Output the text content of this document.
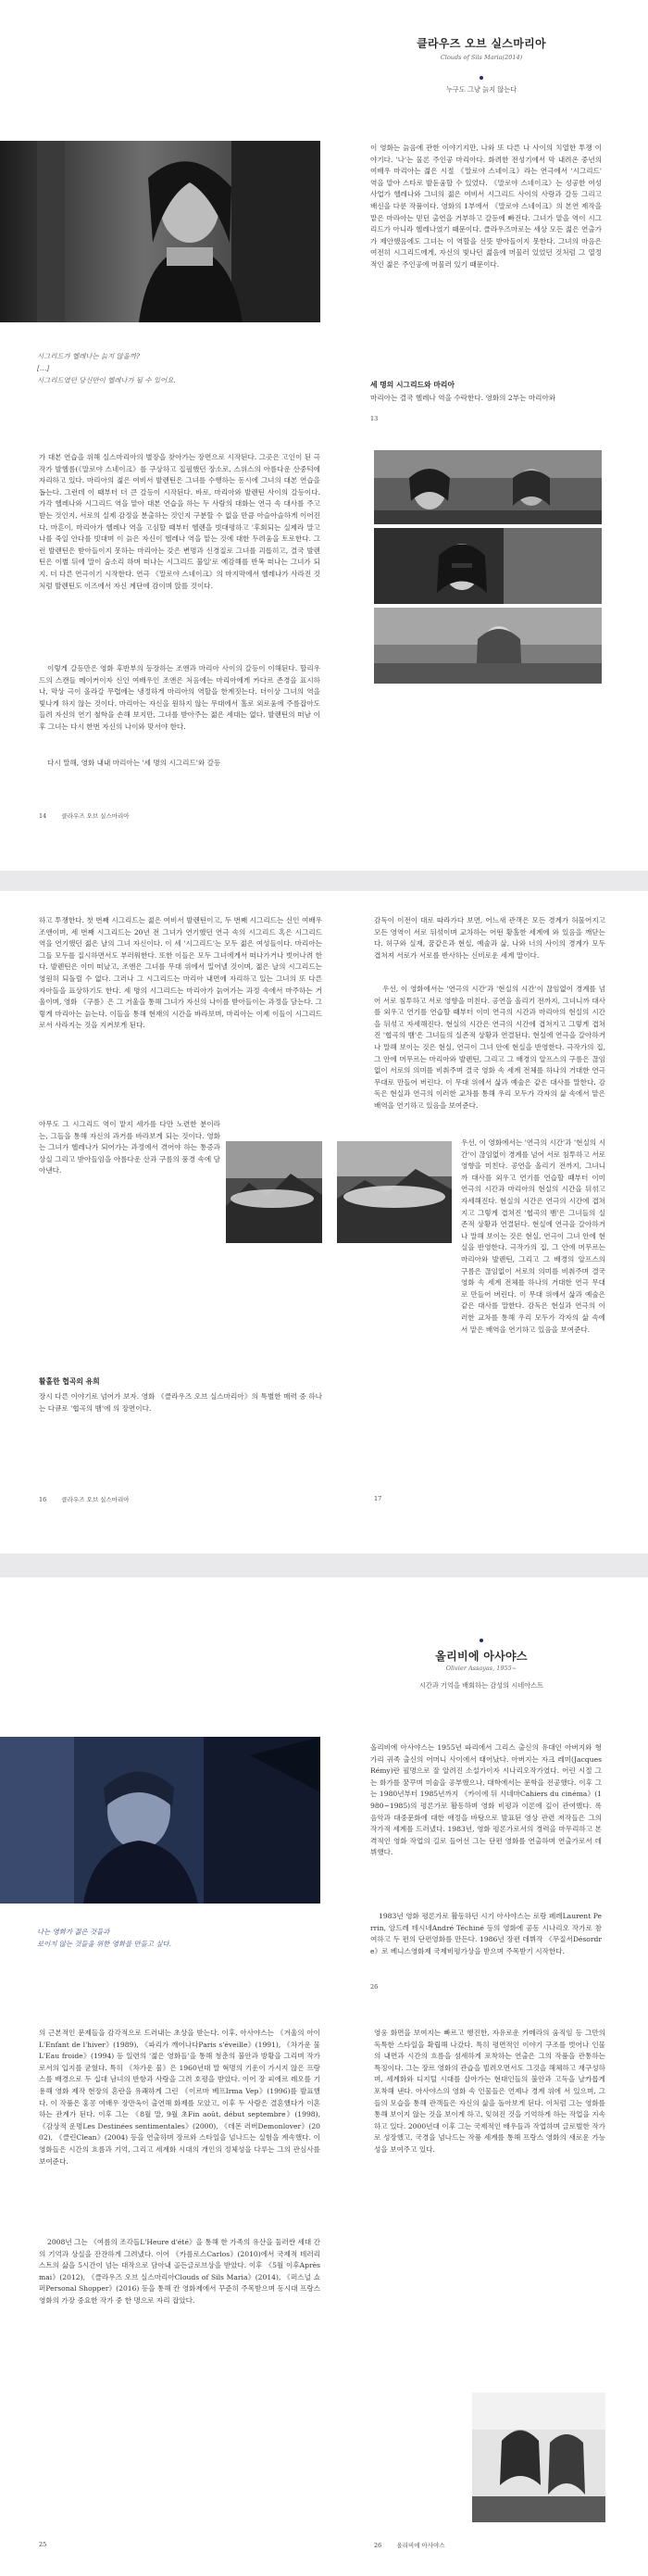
클라우즈 오브 실스마리아
Clouds of Sils Maria(2014)
누구도 그냥 늙지 않는다
시그리드가 헬레나는 늙지 않을까?
[…]
시그리드였던 당신만이 헬레나가 될 수 있어요.
이 영화는 늙음에 관한 이야기지만, 나와 또 다른 나 사이의 치열한 투쟁 이야기다. '나'는 물론 주인공 마리아다. 화려한 전성기에서 막 내려온 중년의 여배우 마리아는 젊은 시절 《말로야 스네이크》라는 연극에서 '시그리드' 역을 맡아 스타로 발돋움할 수 있었다. 《말로야 스네이크》는 성공한 여성 사업가 헬레나와 그녀의 젊은 여비서 시그리드 사이의 사랑과 갈등 그리고 배신을 다룬 작품이다. 영화의 1부에서 《말로야 스네이크》의 본연 제작을 맡은 마라아는 믿던 출연을 거부하고 갈등에 빠진다. 그녀가 맡을 역이 시그리드가 아니라 헬레나였기 때문이다. 클라우즈마로는 세상 모든 젊은 연출가가 제안했음에도 그녀는 이 역할을 선뜻 받아들이지 못한다. 그녀의 마음은 여전히 시그리드에게, 자신의 빛나던 젊음에 머물러 있었던 것처럼 그 열정적인 젊은 주인공에 머물러 있기 때문이다.
세 명의 시그리드와 마리아
마리아는 결국 헬레나 역을 수락한다. 영화의 2부는 마리아와
13
가 대본 연습을 위해 실스마리아의 별장을 찾아가는 장면으로 시작된다. 그곳은 고인이 된 극작가 발헬름(《말로야 스네이크》를 구상하고 집필했던 장소로, 스위스의 아름다운 산중턱에 자리하고 있다. 마리아의 젊은 여비서 발렌틴은 그녀를 수행하는 동시에 그녀의 대본 연습을 돕는다. 그런데 이 때부터 더 큰 갈등이 시작된다. 바로, 마리아와 발렌틴 사이의 갈등이다. 가각 헬레나와 시그리드 역을 맡아 대본 연습을 하는 두 사람의 대화는 연극 속 대사를 주고받는 것인지, 서로의 실제 감정을 분출하는 것인지 구분할 수 없을 만큼 아슬아슬하게 이어진다. 마흔이, 마리아가 헬레나 역을 고심할 때부터 헬렌을 빗대평하고 '후회되는 실제라 말고 나를 죽일 안다를 빗대며 이 늙은 자신이 헬레나 역을 맡는 것에 대한 두려움을 토로한다. 그런 발렌틴은 받아들이지 못하는 마리아는 갖은 변명과 신경질로 그녀를 괴롭히고, 결국 발렌틴은 이별 뒤에 말이 숨소리 하며 떠나는 시그리드 불일'로 예감해를 반복 떠나는 그녀가 되지. 더 다른 연극이기 시작한다. 연극 《말로야 스네이크》의 마지막에서 헬레나가 사라진 것처럼 발렌틴도 이즈에서 자신 계단에 감이며 앉를 것이다.
이렇게 갈등만은 영화 후반부의 등장하는 조앤과 마리아 사이의 갈등이 이해된다. 할리우드의 스캔들 메이커이자 신인 여배우인 조앤은 처음에는 마리아에게 카다르 존경을 표시하나, 막상 극이 올라갈 무렵에는 냉정하게 마리아의 역할을 한계짓는다. 더이상 그녀의 역을 빛나게 하지 않는 것이다. 마리아는 자신을 원하지 않는 무대에서 홀로 외로움에 주름잡아도 들려 자신의 연기 철학을 손해 보지만, 그녀를 받아주는 젊은 세대는 없다. 발렌틴의 떠남 이후 그녀는 다시 한번 자신의 나이와 맞서야 한다.
다시 말해, 영화 내내 마리아는 '세 명의 시그리드'와 갈등
14 클라우즈 오브 실스마리아
하고 투쟁한다. 첫 번째 시그리드는 젊은 여비서 발렌틴이고, 두 번째 시그리드는 신인 여배우 조앤이며, 세 번째 시그리드는 20년 전 그녀가 연기했던 연극 속의 시그리드 혹은 시그리드 역을 연기했던 젊은 날의 그녀 자신이다. 이 세 '시그리드'는 모두 젊은 여성들이다. 마리아는 그들 모두를 질시하면서도 부러워한다. 또한 이들은 모두 그녀에게서 떠나가거나 벗어나려 한다. 발렌틴은 이미 떠났고, 조앤은 그녀를 무대 위에서 밀어낼 것이며, 젊은 날의 시그리드는 영원히 되돌릴 수 없다. 그러나 그 시그리드는 마리아 내면에 자리하고 있는 그녀의 또 다른 자아들을 표상하기도 한다. 세 명의 시그리드는 마리아가 늙어가는 과정 속에서 마주하는 거울이며, 영화 《구름》은 그 거울을 통해 그녀가 자신의 나이를 받아들이는 과정을 담는다. 그렇게 마리아는 늙는다. 이들을 통해 현재의 시간을 바라보며, 마리아는 이제 이들이 시그리드로서 사라지는 것을 지켜보게 된다.
아무도 그 시그리드 역이 맡지 세가를 다만 노련한 분이라는, 그들을 통해 자신의 과거를 바라보게 되는 것이다. 영화는 그녀가 헬레나가 되어가는 과정에서 겪어야 하는 통증과 상실 그리고 받아들임을 아름다운 산과 구름의 풍경 속에 담아낸다.
활홀한 협곡의 유희
장시 다른 이야기로 넘어가 보자. 영화 《클라우즈 오브 실스마리아》의 특별한 매력 중 하나는 다큐로 '협곡의 뱀'에 의 장면이다.
16 클라우즈 오브 실스마리아
감독이 이전이 대로 따라가다 보면, 어느새 관객은 모든 경계가 허물어지고 모든 영역이 서로 뒤섞이며 교차하는 어떤 황홀한 세계에 와 있음을 깨닫는다. 허구와 실재, 꿈같은과 현실, 예술과 삶, 나와 너의 사이의 경계가 모두 겹쳐져 서로가 서로를 반사하는 신비로운 세계 말이다.
우선, 이 영화에서는 '연극의 시간'과 '현실의 시간'이 끊임없이 경계를 넘어 서로 침투하고 서로 영향을 미친다. 공연을 올리기 전까지, 그녀니까 대사를 외우고 연기를 연습할 때부터 이미 연극의 시간과 마리아의 현실의 시간을 뒤섞고 자세해진다. 현실의 시간은 연극의 시간에 겹쳐지고 그렇게 겹쳐진 '협곡의 뱀'은 그녀들의 실존적 상황과 연결된다. 현실에 연극을 갈아하거나 말해 보이는 것은 현실, 연극이 그녀 안에 현실을 반영한다. 극작가의 집, 그 안에 머무르는 마리아와 발렌틴, 그리고 그 배경의 알프스의 구름은 끊임없이 서로의 의미를 비춰주며 결국 영화 속 세계 전체를 하나의 거대한 연극 무대로 만들어 버린다. 이 무대 위에서 삶과 예술은 같은 대사를 말한다. 감독은 현실과 연극의 이러한 교차를 통해 우리 모두가 각자의 삶 속에서 맡은 배역을 연기하고 있음을 보여준다.
우선, 이 영화에서는 '연극의 시간'과 '현실의 시간'이 끊임없이 경계를 넘어 서로 침투하고 서로 영향을 미친다. 공연을 올리기 전까지, 그녀니까 대사를 외우고 연기를 연습할 때부터 이미 연극의 시간과 마리아의 현실의 시간을 뒤섞고 자세해진다. 현실의 시간은 연극의 시간에 겹쳐지고 그렇게 겹쳐진 '협곡의 뱀'은 그녀들의 실존적 상황과 연결된다. 현실에 연극을 갈아하거나 말해 보이는 것은 현실, 연극이 그녀 안에 현실을 반영한다. 극작가의 집, 그 안에 머무르는 마리아와 발렌틴, 그리고 그 배경의 알프스의 구름은 끊임없이 서로의 의미를 비춰주며 결국 영화 속 세계 전체를 하나의 거대한 연극 무대로 만들어 버린다. 이 무대 위에서 삶과 예술은 같은 대사를 말한다. 감독은 현실과 연극의 이러한 교차를 통해 우리 모두가 각자의 삶 속에서 맡은 배역을 연기하고 있음을 보여준다.
17
올리비에 아사야스
Olivier Assayas, 1955~
시간과 기억을 배회하는 감성의 시네아스트
나는 영화가 젊은 것들과
보이지 않는 것들을 위한 영화를 만들고 싶다.
올리비에 아사야스는 1955년 파리에서 그리스 출신의 유대인 아버지와 헝가리 귀족 출신의 어머니 사이에서 태어났다. 아버지는 자크 레미(Jacques Rémy)란 필명으로 잘 알려진 소설가이자 시나리오작가였다. 어린 시절 그는 화가를 꿈꾸며 미술을 공부했으나, 대학에서는 문학을 전공했다. 이후 그는 1980년부터 1985년까지 《카이에 뒤 시네마Cahiers du cinéma》(1980~1985)의 평론가로 활동하며 영화 비평과 이론에 깊이 관여했다. 록 음악과 대중문화에 대한 애정을 바탕으로 발표된 영상 관련 저작들은 그의 작가적 세계를 드러냈다. 1983년, 영화 평론가로서의 경력을 마무리하고 본격적인 영화 작업의 길로 들어선 그는 단편 영화를 연출하며 연출가로서 데뷔했다.
1983년 영화 평론가로 활동하던 시기 아사야스는 로랑 페레Laurent Perrin, 앙드레 테시네André Téchiné 등의 영화에 공동 시나리오 작가로 참여하고 두 편의 단편영화를 만든다. 1986년 장편 데뷔작 《무질서Désordre》로 베니스영화제 국제비평가상을 받으며 주목받기 시작한다.
26
의 근본적인 문제들을 감각적으로 드러내는 초상을 받는다. 이후, 아사야스는 《겨울의 아이L'Enfant de l'hiver》(1989), 《파리가 깨어나다Paris s'éveille》(1991), 《차가운 물L'Eau froide》(1994) 등 일련의 '젊은 영화들'을 통해 청춘의 불안과 방황을 그리며 작가로서의 입지를 굳혔다. 특히 《차가운 물》은 1960년대 말 혁명의 기운이 가시지 않은 프랑스를 배경으로 두 십대 남녀의 반항과 사랑을 그려 호평을 받았다. 이어 장 피에르 레오를 기용해 영화 제작 현장의 혼란을 유쾌하게 그린 《이르마 베프Irma Vep》(1996)를 발표했다. 이 작품은 홍콩 여배우 장만옥이 출연해 화제를 모았고, 이후 두 사람은 결혼했다가 이혼하는 관계가 된다. 이후 그는 《8월 말, 9월 초Fin août, début septembre》(1998), 《감상적 운명Les Destinées sentimentales》(2000), 《데몬 러버Demonlover》(2002), 《클린Clean》(2004) 등을 연출하며 장르와 스타일을 넘나드는 실험을 계속했다. 이 영화들은 시간의 흐름과 기억, 그리고 세계화 시대의 개인의 정체성을 다루는 그의 관심사를 보여준다.
2008년 그는 《여름의 조각들L'Heure d'été》을 통해 한 가족의 유산을 둘러싼 세대 간의 기억과 상실을 잔잔하게 그려냈다. 이어 《카를로스Carlos》(2010)에서 국제적 테러리스트의 삶을 5시간이 넘는 대작으로 담아내 골든글로브상을 받았다. 이후 《5월 이후Après mai》(2012), 《클라우즈 오브 실스마리아Clouds of Sils Maria》(2014), 《퍼스널 쇼퍼Personal Shopper》(2016) 등을 통해 칸 영화제에서 꾸준히 주목받으며 동시대 프랑스 영화의 가장 중요한 작가 중 한 명으로 자리 잡았다.
25
영웅 화면을 보여지는 빠르고 행진한, 자유로운 카메라의 움직임 등 그만의 독특한 스타일을 확립해 나갔다. 특히 평면적인 이야기 구조를 벗어나 인물의 내면과 시간의 흐름을 섬세하게 포착하는 연출은 그의 작품을 관통하는 특징이다. 그는 장르 영화의 관습을 빌려오면서도 그것을 해체하고 재구성하며, 세계화와 디지털 시대를 살아가는 현대인들의 불안과 고독을 날카롭게 포착해 낸다. 아사야스의 영화 속 인물들은 언제나 경계 위에 서 있으며, 그들의 모습을 통해 관객들은 자신의 삶을 돌아보게 된다. 이처럼 그는 영화를 통해 보이지 않는 것을 보이게 하고, 잊혀진 것을 기억하게 하는 작업을 지속하고 있다. 2000년대 이후 그는 국제적인 배우들과 작업하며 글로벌한 작가로 성장했고, 국경을 넘나드는 작품 세계를 통해 프랑스 영화의 새로운 가능성을 보여주고 있다.
26 올리비에 아사야스
